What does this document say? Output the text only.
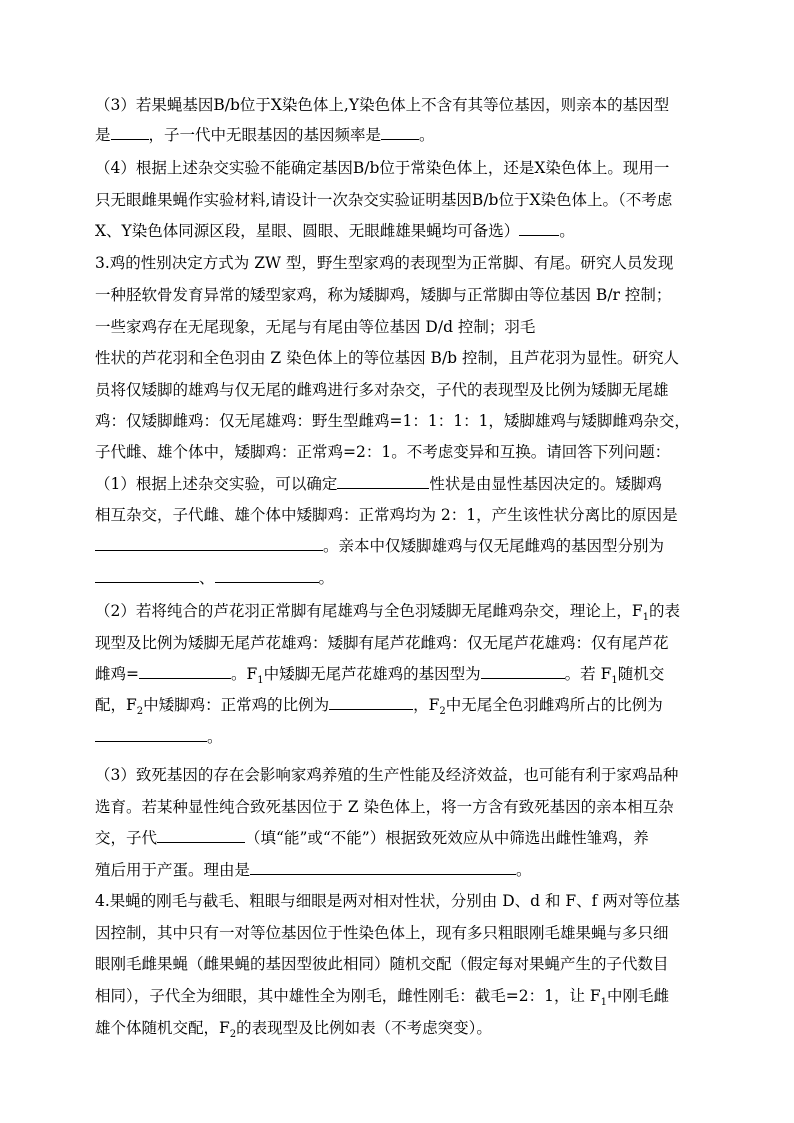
（3）若果蝇基因B/b位于X染色体上,Y染色体上不含有其等位基因，则亲本的基因型
是 ，子一代中无眼基因的基因频率是 。
（4）根据上述杂交实验不能确定基因B/b位于常染色体上，还是X染色体上。现用一
只无眼雌果蝇作实验材料,请设计一次杂交实验证明基因B/b位于X染色体上。（不考虑
X、Y染色体同源区段，星眼、圆眼、无眼雌雄果蝇均可备选）	。
3.鸡的性别决定方式为 ZW 型，野生型家鸡的表现型为正常脚、有尾。研究人员发现
一种胫软骨发育异常的矮型家鸡，称为矮脚鸡，矮脚与正常脚由等位基因 B/r 控制；
一些家鸡存在无尾现象，无尾与有尾由等位基因 D/d 控制；羽毛
性状的芦花羽和全色羽由 Z 染色体上的等位基因 B/b 控制，且芦花羽为显性。研究人
员将仅矮脚的雄鸡与仅无尾的雌鸡进行多对杂交，子代的表现型及比例为矮脚无尾雄
鸡：仅矮脚雌鸡：仅无尾雄鸡：野生型雌鸡=1：1：1：1，矮脚雄鸡与矮脚雌鸡杂交，
子代雌、雄个体中，矮脚鸡：正常鸡=2：1。不考虑变异和互换。请回答下列问题：
（1）根据上述杂交实验，可以确定	性状是由显性基因决定的。矮脚鸡
相互杂交，子代雌、雄个体中矮脚鸡：正常鸡均为 2：1，产生该性状分离比的原因是
。亲本中仅矮脚雄鸡与仅无尾雌鸡的基因型分别为
、	。
（2）若将纯合的芦花羽正常脚有尾雄鸡与全色羽矮脚无尾雌鸡杂交，理论上，$F_1$的表
现型及比例为矮脚无尾芦花雄鸡：矮脚有尾芦花雌鸡：仅无尾芦花雄鸡：仅有尾芦花
雌鸡=	。$F_1$中矮脚无尾芦花雄鸡的基因型为	。若 $F_1$随机交
配，$F_2$中矮脚鸡：正常鸡的比例为	，$F_2$中无尾全色羽雌鸡所占的比例为
。
（3）致死基因的存在会影响家鸡养殖的生产性能及经济效益，也可能有利于家鸡品种
选育。若某种显性纯合致死基因位于 Z 染色体上，将一方含有致死基因的亲本相互杂
交，子代	（填“能”或“不能”）根据致死效应从中筛选出雌性雏鸡，养
殖后用于产蛋。理由是	。
4.果蝇的刚毛与截毛、粗眼与细眼是两对相对性状，分别由 D、d 和 F、f 两对等位基
因控制，其中只有一对等位基因位于性染色体上，现有多只粗眼刚毛雄果蝇与多只细
眼刚毛雌果蝇（雌果蝇的基因型彼此相同）随机交配（假定每对果蝇产生的子代数目
相同），子代全为细眼，其中雄性全为刚毛，雌性刚毛：截毛=2：1，让 $F_1$中刚毛雌
雄个体随机交配，$F_2$的表现型及比例如表（不考虑突变）。
